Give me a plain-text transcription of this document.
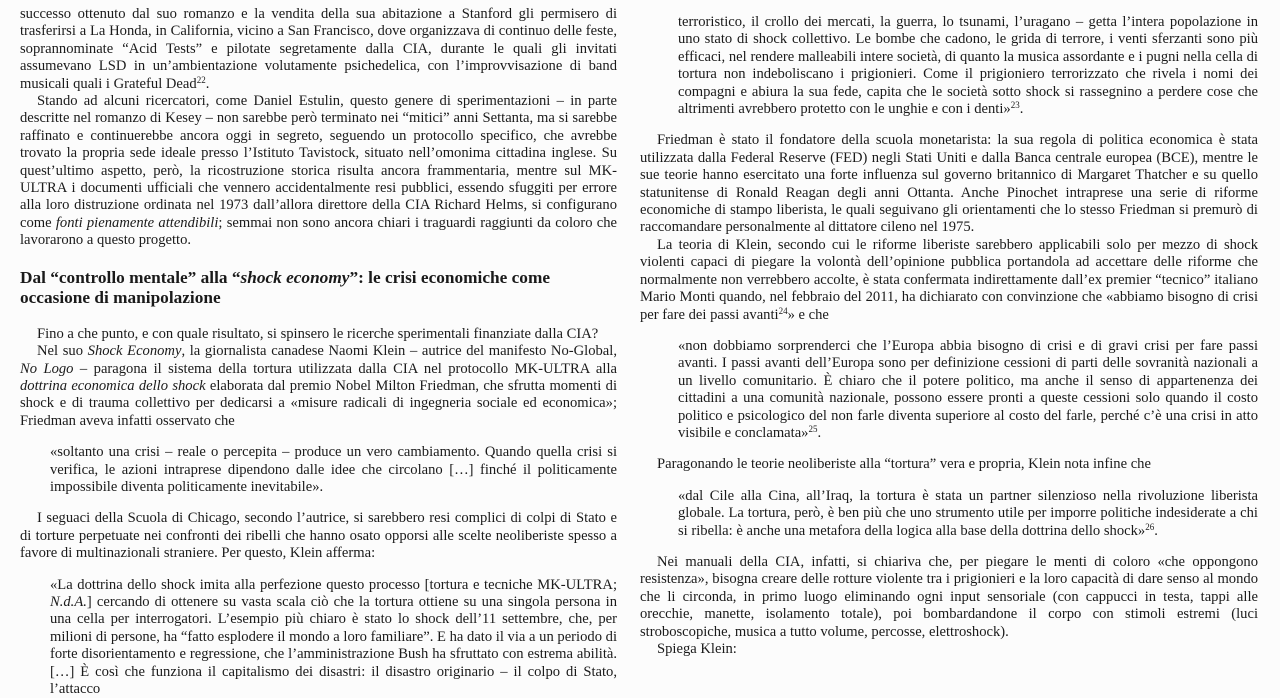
successo ottenuto dal suo romanzo e la vendita della sua abitazione a Stanford gli permisero di trasferirsi a La Honda, in California, vicino a San Francisco, dove organizzava di continuo delle feste, soprannominate “Acid Tests” e pilotate segretamente dalla CIA, durante le quali gli invitati assumevano LSD in un’ambientazione volutamente psichedelica, con l’improvvisazione di band musicali quali i Grateful Dead$^{22}$.

Stando ad alcuni ricercatori, come Daniel Estulin, questo genere di sperimentazioni – in parte descritte nel romanzo di Kesey – non sarebbe però terminato nei “mitici” anni Settanta, ma si sarebbe raffinato e continuerebbe ancora oggi in segreto, seguendo un protocollo specifico, che avrebbe trovato la propria sede ideale presso l’Istituto Tavistock, situato nell’omonima cittadina inglese. Su quest’ultimo aspetto, però, la ricostruzione storica risulta ancora frammentaria, mentre sul MK-ULTRA i documenti ufficiali che vennero accidentalmente resi pubblici, essendo sfuggiti per errore alla loro distruzione ordinata nel 1973 dall’allora direttore della CIA Richard Helms, si configurano come fonti pienamente attendibili; semmai non sono ancora chiari i traguardi raggiunti da coloro che lavorarono a questo progetto.

Dal “controllo mentale” alla “shock economy”: le crisi economiche come occasione di manipolazione

Fino a che punto, e con quale risultato, si spinsero le ricerche sperimentali finanziate dalla CIA?

Nel suo Shock Economy, la giornalista canadese Naomi Klein – autrice del manifesto No-Global, No Logo – paragona il sistema della tortura utilizzata dalla CIA nel protocollo MK-ULTRA alla dottrina economica dello shock elaborata dal premio Nobel Milton Friedman, che sfrutta momenti di shock e di trauma collettivo per dedicarsi a «misure radicali di ingegneria sociale ed economica»; Friedman aveva infatti osservato che

«soltanto una crisi – reale o percepita – produce un vero cambiamento. Quando quella crisi si verifica, le azioni intraprese dipendono dalle idee che circolano […] finché il politicamente impossibile diventa politicamente inevitabile».

I seguaci della Scuola di Chicago, secondo l’autrice, si sarebbero resi complici di colpi di Stato e di torture perpetuate nei confronti dei ribelli che hanno osato opporsi alle scelte neoliberiste spesso a favore di multinazionali straniere. Per questo, Klein afferma:

«La dottrina dello shock imita alla perfezione questo processo [tortura e tecniche MK-ULTRA; N.d.A.] cercando di ottenere su vasta scala ciò che la tortura ottiene su una singola persona in una cella per interrogatori. L’esempio più chiaro è stato lo shock dell’11 settembre, che, per milioni di persone, ha “fatto esplodere il mondo a loro familiare”. E ha dato il via a un periodo di forte disorientamento e regressione, che l’amministrazione Bush ha sfruttato con estrema abilità. […] È così che funziona il capitalismo dei disastri: il disastro originario – il colpo di Stato, l’attacco

terroristico, il crollo dei mercati, la guerra, lo tsunami, l’uragano – getta l’intera popolazione in uno stato di shock collettivo. Le bombe che cadono, le grida di terrore, i venti sferzanti sono più efficaci, nel rendere malleabili intere società, di quanto la musica assordante e i pugni nella cella di tortura non indeboliscano i prigionieri. Come il prigioniero terrorizzato che rivela i nomi dei compagni e abiura la sua fede, capita che le società sotto shock si rassegnino a perdere cose che altrimenti avrebbero protetto con le unghie e con i denti»$^{23}$.

Friedman è stato il fondatore della scuola monetarista: la sua regola di politica economica è stata utilizzata dalla Federal Reserve (FED) negli Stati Uniti e dalla Banca centrale europea (BCE), mentre le sue teorie hanno esercitato una forte influenza sul governo britannico di Margaret Thatcher e su quello statunitense di Ronald Reagan degli anni Ottanta. Anche Pinochet intraprese una serie di riforme economiche di stampo liberista, le quali seguivano gli orientamenti che lo stesso Friedman si premurò di raccomandare personalmente al dittatore cileno nel 1975.

La teoria di Klein, secondo cui le riforme liberiste sarebbero applicabili solo per mezzo di shock violenti capaci di piegare la volontà dell’opinione pubblica portandola ad accettare delle riforme che normalmente non verrebbero accolte, è stata confermata indirettamente dall’ex premier “tecnico” italiano Mario Monti quando, nel febbraio del 2011, ha dichiarato con convinzione che «abbiamo bisogno di crisi per fare dei passi avanti$^{24}$» e che

«non dobbiamo sorprenderci che l’Europa abbia bisogno di crisi e di gravi crisi per fare passi avanti. I passi avanti dell’Europa sono per definizione cessioni di parti delle sovranità nazionali a un livello comunitario. È chiaro che il potere politico, ma anche il senso di appartenenza dei cittadini a una comunità nazionale, possono essere pronti a queste cessioni solo quando il costo politico e psicologico del non farle diventa superiore al costo del farle, perché c’è una crisi in atto visibile e conclamata»$^{25}$.

Paragonando le teorie neoliberiste alla “tortura” vera e propria, Klein nota infine che

«dal Cile alla Cina, all’Iraq, la tortura è stata un partner silenzioso nella rivoluzione liberista globale. La tortura, però, è ben più che uno strumento utile per imporre politiche indesiderate a chi si ribella: è anche una metafora della logica alla base della dottrina dello shock»$^{26}$.

Nei manuali della CIA, infatti, si chiariva che, per piegare le menti di coloro «che oppongono resistenza», bisogna creare delle rotture violente tra i prigionieri e la loro capacità di dare senso al mondo che li circonda, in primo luogo eliminando ogni input sensoriale (con cappucci in testa, tappi alle orecchie, manette, isolamento totale), poi bombardandone il corpo con stimoli estremi (luci stroboscopiche, musica a tutto volume, percosse, elettroshock).

Spiega Klein:
